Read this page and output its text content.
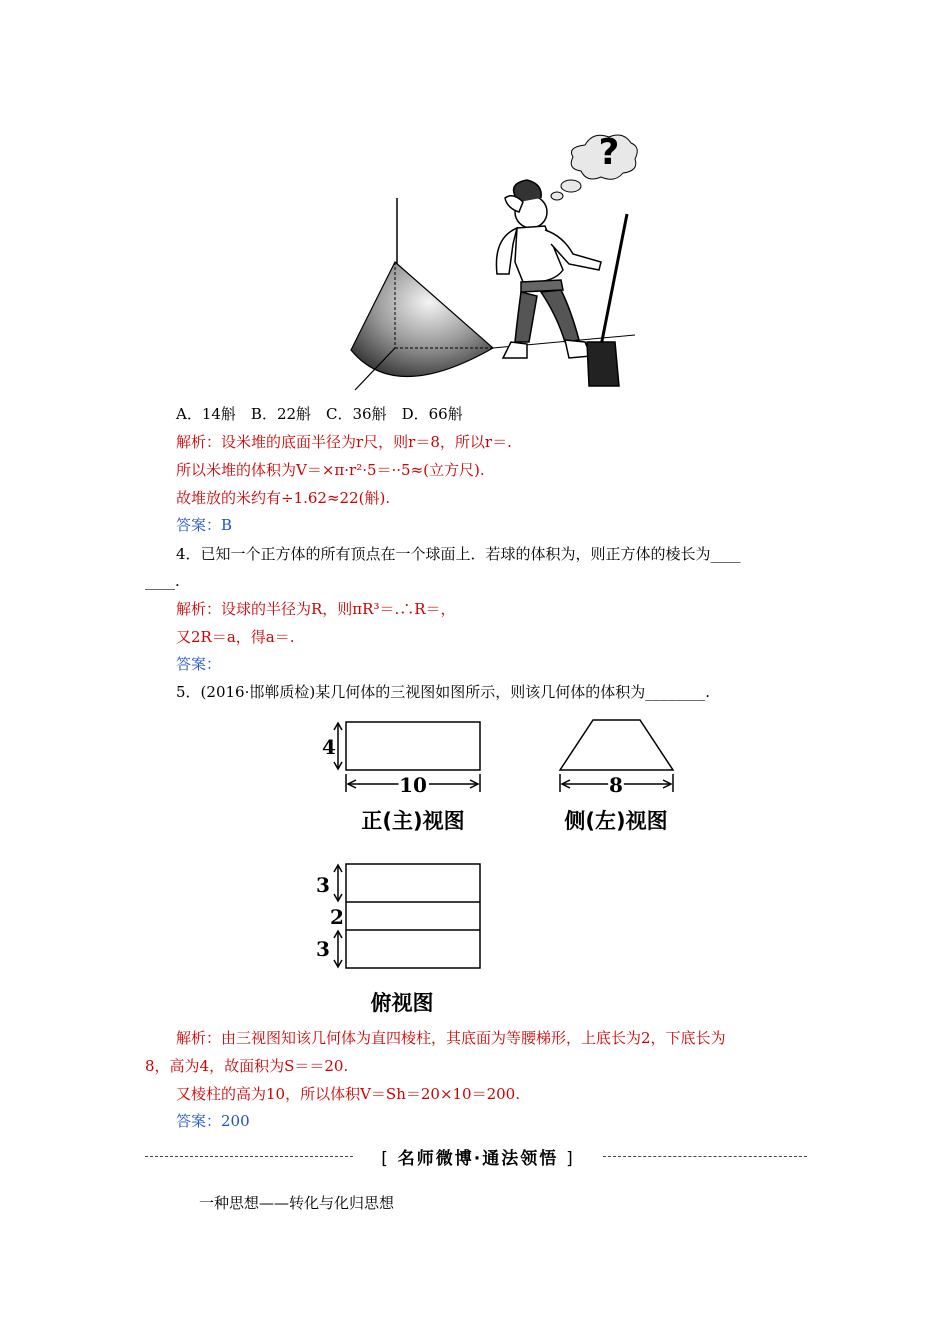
?
A．14斛　B．22斛　C．36斛　D．66斛
解析：设米堆的底面半径为r尺，则r＝8，所以r＝.
所以米堆的体积为V＝×π·r²·5＝··5≈(立方尺).
故堆放的米约有÷1.62≈22(斛).
答案：B
4．已知一个正方体的所有顶点在一个球面上．若球的体积为，则正方体的棱长为____
____.
解析：设球的半径为R，则πR³＝.∴R＝，
又2R＝a，得a＝.
答案：
5．(2016·邯郸质检)某几何体的三视图如图所示，则该几何体的体积为________.
4
10
正(主)视图
8
侧(左)视图
3
2
3
俯视图
解析：由三视图知该几何体为直四棱柱，其底面为等腰梯形，上底长为2，下底长为
8，高为4，故面积为S＝＝20.
又棱柱的高为10，所以体积V＝Sh＝20×10＝200.
答案：200
[ 名师微博·通法领悟 ]
一种思想——转化与化归思想
